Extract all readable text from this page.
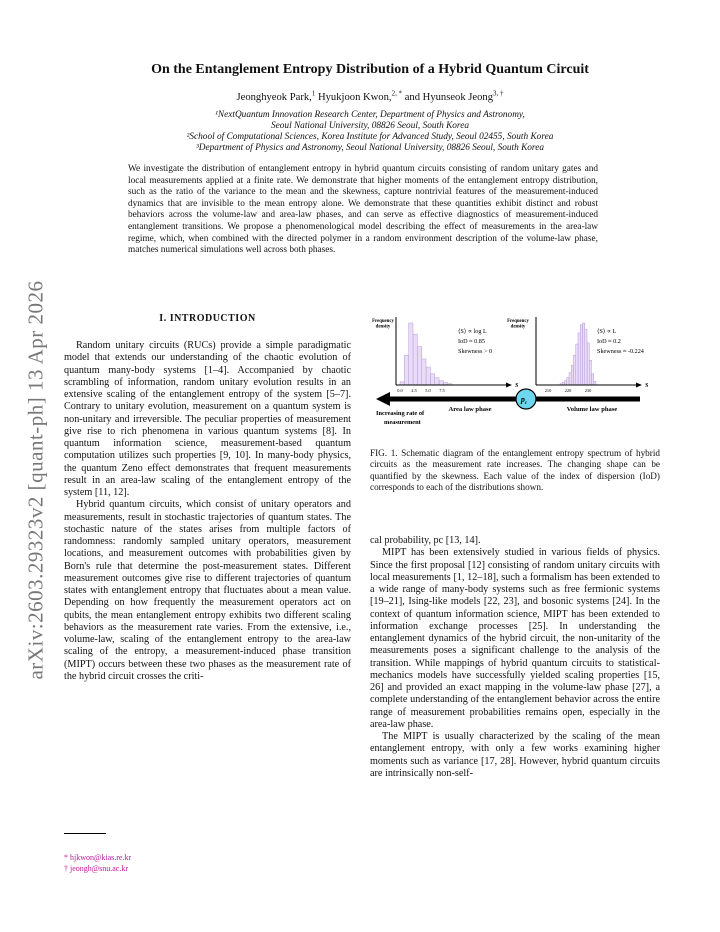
arXiv:2603.29323v2 [quant-ph] 13 Apr 2026
On the Entanglement Entropy Distribution of a Hybrid Quantum Circuit
Jeonghyeok Park,$^1$ Hyukjoon Kwon,$^{2, *}$ and Hyunseok Jeong$^{3, \dagger}$
¹NextQuantum Innovation Research Center, Department of Physics and Astronomy,
Seoul National University, 08826 Seoul, South Korea
²School of Computational Sciences, Korea Institute for Advanced Study, Seoul 02455, South Korea
³Department of Physics and Astronomy, Seoul National University, 08826 Seoul, South Korea
We investigate the distribution of entanglement entropy in hybrid quantum circuits consisting of random unitary gates and local measurements applied at a finite rate. We demonstrate that higher moments of the entanglement entropy distribution, such as the ratio of the variance to the mean and the skewness, capture nontrivial features of the measurement-induced dynamics that are invisible to the mean entropy alone. We demonstrate that these quantities exhibit distinct and robust behaviors across the volume-law and area-law phases, and can serve as effective diagnostics of measurement-induced entanglement transitions. We propose a phenomenological model describing the effect of measurements in the area-law regime, which, when combined with the directed polymer in a random environment description of the volume-law phase, matches numerical simulations well across both phases.
I. INTRODUCTION

Random unitary circuits (RUCs) provide a simple paradigmatic model that extends our understanding of the chaotic evolution of quantum many-body systems [1–4]. Accompanied by chaotic scrambling of information, random unitary evolution results in an extensive scaling of the entanglement entropy of the system [5–7]. Contrary to unitary evolution, measurement on a quantum system is non-unitary and irreversible. The peculiar properties of measurement give rise to rich phenomena in various quantum systems [8]. In quantum information science, measurement-based quantum computation utilizes such properties [9, 10]. In many-body physics, the quantum Zeno effect demonstrates that frequent measurements result in an area-law scaling of the entanglement entropy of the system [11, 12].

Hybrid quantum circuits, which consist of unitary operators and measurements, result in stochastic trajectories of quantum states. The stochastic nature of the states arises from multiple factors of randomness: randomly sampled unitary operators, measurement locations, and measurement outcomes with probabilities given by Born's rule that determine the post-measurement states. Different measurement outcomes give rise to different trajectories of quantum states with entanglement entropy that fluctuates about a mean value. Depending on how frequently the measurement operators act on qubits, the mean entanglement entropy exhibits two different scaling behaviors as the measurement rate varies. From the extensive, i.e., volume-law, scaling of the entanglement entropy to the area-law scaling of the entropy, a measurement-induced phase transition (MIPT) occurs between these two phases as the measurement rate of the hybrid circuit crosses the criti-

Frequency
density
S
⟨S⟩ ∝ log L
IoD ≈ 0.85
Skewness > 0
0.0 2.5 5.0 7.5
Frequency
density
S
⟨S⟩ ∝ L
IoD ≈ 0.2
Skewness ≈ -0.224
210	220	230
$p_c$
Area law phase	Volume law phase
Increasing rate of
measurement
FIG. 1. Schematic diagram of the entanglement entropy spectrum of hybrid circuits as the measurement rate increases. The changing shape can be quantified by the skewness. Each value of the index of dispersion (IoD) corresponds to each of the distributions shown.

cal probability, pc [13, 14].

MIPT has been extensively studied in various fields of physics. Since the first proposal [12] consisting of random unitary circuits with local measurements [1, 12–18], such a formalism has been extended to a wide range of many-body systems such as free fermionic systems [19–21], Ising-like models [22, 23], and bosonic systems [24]. In the context of quantum information science, MIPT has been extended to information exchange processes [25]. In understanding the entanglement dynamics of the hybrid circuit, the non-unitarity of the measurements poses a significant challenge to the analysis of the transition. While mappings of hybrid quantum circuits to statistical-mechanics models have successfully yielded scaling properties [15, 26] and provided an exact mapping in the volume-law phase [27], a complete understanding of the entanglement behavior across the entire range of measurement probabilities remains open, especially in the area-law phase.

The MIPT is usually characterized by the scaling of the mean entanglement entropy, with only a few works examining higher moments such as variance [17, 28]. However, hybrid quantum circuits are intrinsically non-self-

* hjkwon@kias.re.kr
† jeongh@snu.ac.kr
